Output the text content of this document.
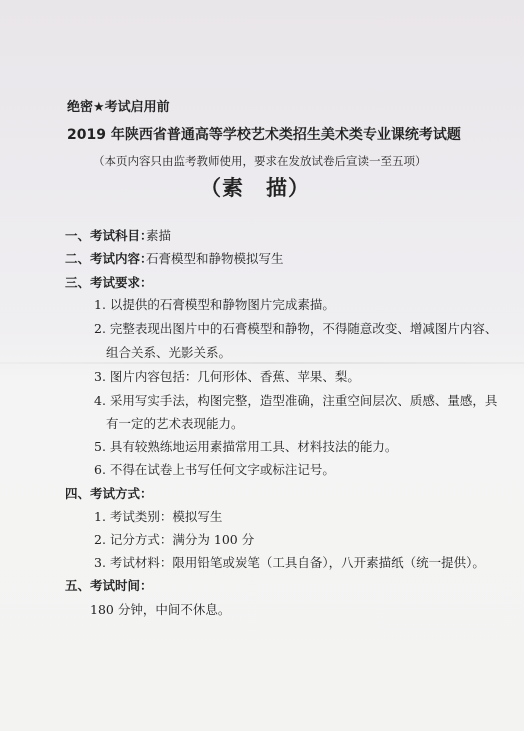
绝密★考试启用前
2019 年陕西省普通高等学校艺术类招生美术类专业课统考试题
（本页内容只由监考教师使用，要求在发放试卷后宣读一至五项）
（素　描）
一、考试科目：
素描
二、考试内容：
石膏模型和静物模拟写生
三、考试要求：
1. 以提供的石膏模型和静物图片完成素描。
2. 完整表现出图片中的石膏模型和静物，不得随意改变、增减图片内容、
组合关系、光影关系。
3. 图片内容包括：几何形体、香蕉、苹果、梨。
4. 采用写实手法，构图完整，造型准确，注重空间层次、质感、量感，具
有一定的艺术表现能力。
5. 具有较熟练地运用素描常用工具、材料技法的能力。
6. 不得在试卷上书写任何文字或标注记号。
四、考试方式：
1. 考试类别：模拟写生
2. 记分方式：满分为 100 分
3. 考试材料：限用铅笔或炭笔（工具自备），八开素描纸（统一提供）。
五、考试时间：
180 分钟，中间不休息。
